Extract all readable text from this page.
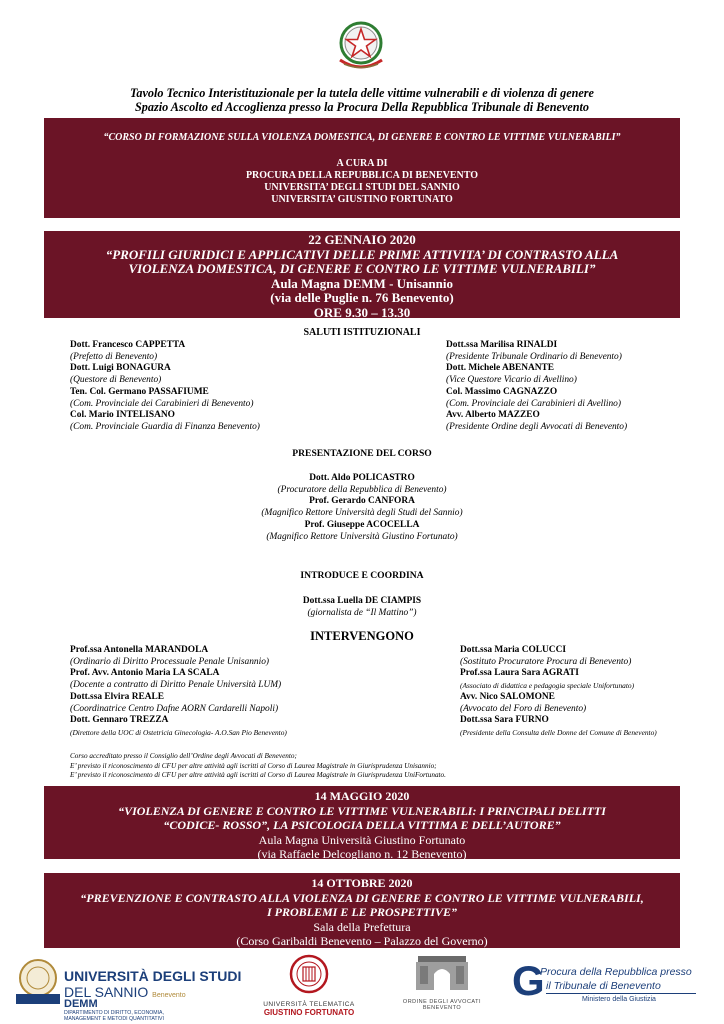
Tavolo Tecnico Interistituzionale per la tutela delle vittime vulnerabili e di violenza di genere
Spazio Ascolto ed Accoglienza presso la Procura Della Repubblica Tribunale di Benevento
“CORSO DI FORMAZIONE SULLA VIOLENZA DOMESTICA, DI GENERE E CONTRO LE VITTIME VULNERABILI”
A CURA DI
PROCURA DELLA REPUBBLICA DI BENEVENTO
UNIVERSITA’ DEGLI STUDI DEL SANNIO
UNIVERSITA’ GIUSTINO FORTUNATO
22 GENNAIO 2020
“PROFILI GIURIDICI E APPLICATIVI DELLE PRIME ATTIVITA’ DI CONTRASTO ALLA
VIOLENZA DOMESTICA, DI GENERE E CONTRO LE VITTIME VULNERABILI”
Aula Magna DEMM - Unisannio
(via delle Puglie n. 76 Benevento)
ORE 9.30 – 13.30
SALUTI ISTITUZIONALI
Dott. Francesco CAPPETTA
(Prefetto di Benevento)
Dott. Luigi BONAGURA
(Questore di Benevento)
Ten. Col. Germano PASSAFIUME
(Com. Provinciale dei Carabinieri di Benevento)
Col. Mario INTELISANO
(Com. Provinciale Guardia di Finanza Benevento)
Dott.ssa Marilisa RINALDI
(Presidente Tribunale Ordinario di Benevento)
Dott. Michele ABENANTE
(Vice Questore Vicario di Avellino)
Col. Massimo CAGNAZZO
(Com. Provinciale dei Carabinieri di Avellino)
Avv. Alberto MAZZEO
(Presidente Ordine degli Avvocati di Benevento)
PRESENTAZIONE DEL CORSO
Dott. Aldo POLICASTRO
(Procuratore della Repubblica di Benevento)
Prof. Gerardo CANFORA
(Magnifico Rettore Università degli Studi del Sannio)
Prof. Giuseppe ACOCELLA
(Magnifico Rettore Università Giustino Fortunato)
INTRODUCE E COORDINA
Dott.ssa Luella DE CIAMPIS
(giornalista de “Il Mattino”)
INTERVENGONO
Prof.ssa Antonella MARANDOLA
(Ordinario di Diritto Processuale Penale Unisannio)
Prof. Avv. Antonio Maria LA SCALA
(Docente a contratto di Diritto Penale Università LUM)
Dott.ssa Elvira REALE
(Coordinatrice Centro Dafne AORN Cardarelli Napoli)
Dott. Gennaro TREZZA
(Direttore della UOC di Ostetricia Ginecologia- A.O.San Pio Benevento)
Dott.ssa Maria COLUCCI
(Sostituto Procuratore Procura di Benevento)
Prof.ssa Laura Sara AGRATI
(Associato di didattica e pedagogia speciale Unifortunato)
Avv. Nico SALOMONE
(Avvocato del Foro di Benevento)
Dott.ssa Sara FURNO
(Presidente della Consulta delle Donne del Comune di Benevento)
Corso accreditato presso il Consiglio dell’Ordine degli Avvocati di Benevento;
E’ previsto il riconoscimento di CFU per altre attività agli iscritti al Corso di Laurea Magistrale in Giurisprudenza Unisannio;
E’ previsto il riconoscimento di CFU per altre attività agli iscritti al Corso di Laurea Magistrale in Giurisprudenza UniFortunato.
14 MAGGIO 2020
“VIOLENZA DI GENERE E CONTRO LE VITTIME VULNERABILI: I PRINCIPALI DELITTI
“CODICE- ROSSO”, LA PSICOLOGIA DELLA VITTIMA E DELL’AUTORE”
Aula Magna Università Giustino Fortunato
(via Raffaele Delcogliano n. 12 Benevento)
14 OTTOBRE 2020
“PREVENZIONE E CONTRASTO ALLA VIOLENZA DI GENERE E CONTRO LE VITTIME VULNERABILI,
I PROBLEMI E LE PROSPETTIVE”
Sala della Prefettura
(Corso Garibaldi Benevento – Palazzo del Governo)
UNIVERSITÀ DEGLI STUDI
DEL SANNIO Benevento
DEMM
DIPARTIMENTO DI DIRITTO, ECONOMIA,
MANAGEMENT E METODI QUANTITATIVI
UNIVERSITÀ TELEMATICA
GIUSTINO FORTUNATO
ORDINE DEGLI AVVOCATI
BENEVENTO
G
Procura della Repubblica presso
il Tribunale di Benevento
Ministero della Giustizia
